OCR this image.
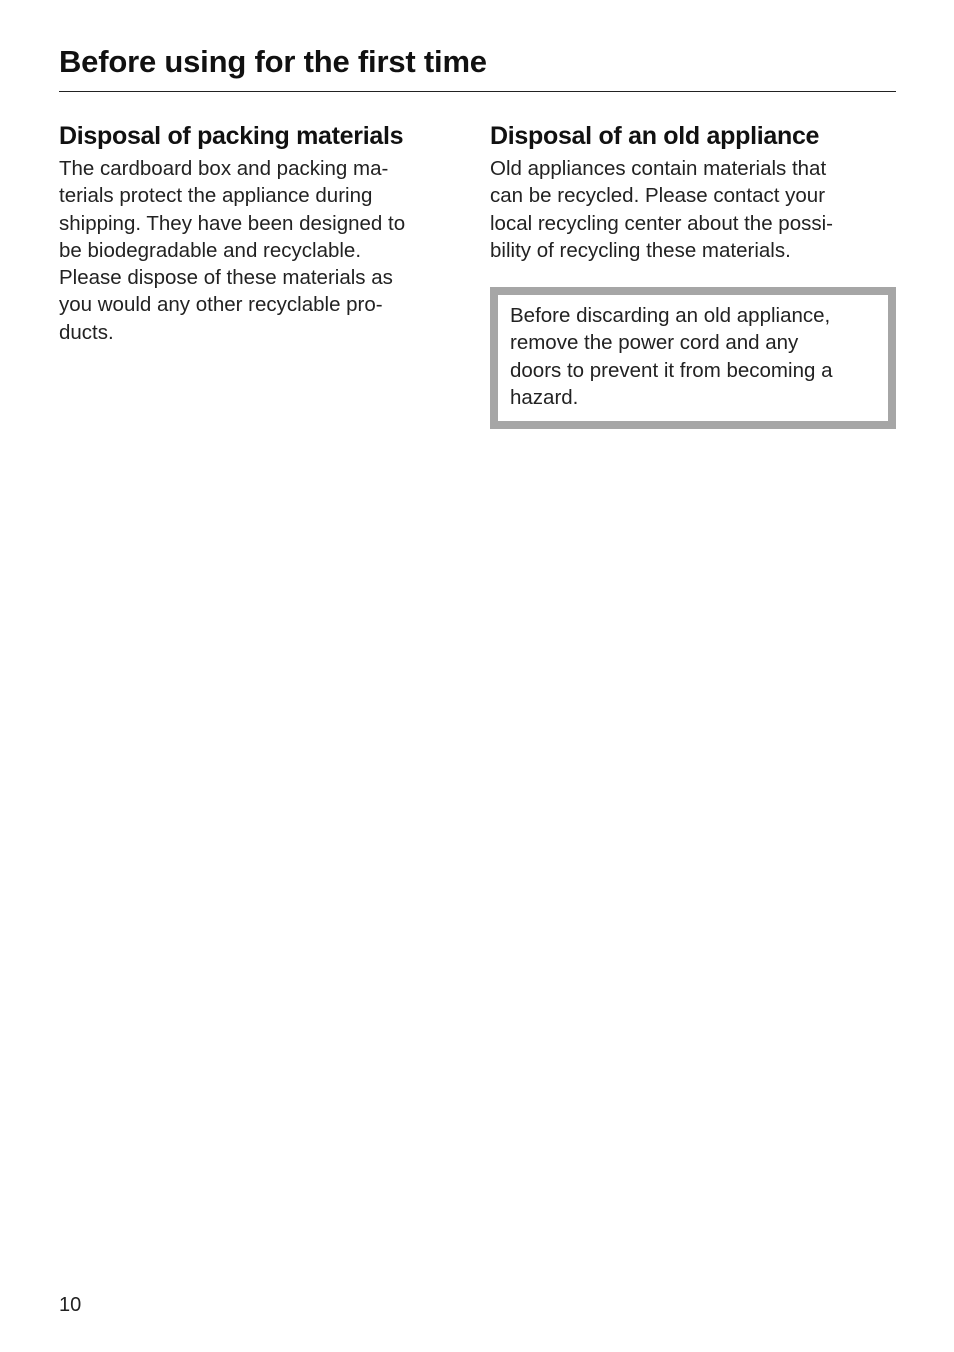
Before using for the first time
Disposal of packing materials

The cardboard box and packing ma-
terials protect the appliance during
shipping. They have been designed to
be biodegradable and recyclable.
Please dispose of these materials as
you would any other recyclable pro-
ducts.

Disposal of an old appliance

Old appliances contain materials that
can be recycled. Please contact your
local recycling center about the possi-
bility of recycling these materials.

Before discarding an old appliance,
remove the power cord and any
doors to prevent it from becoming a
hazard.

10
